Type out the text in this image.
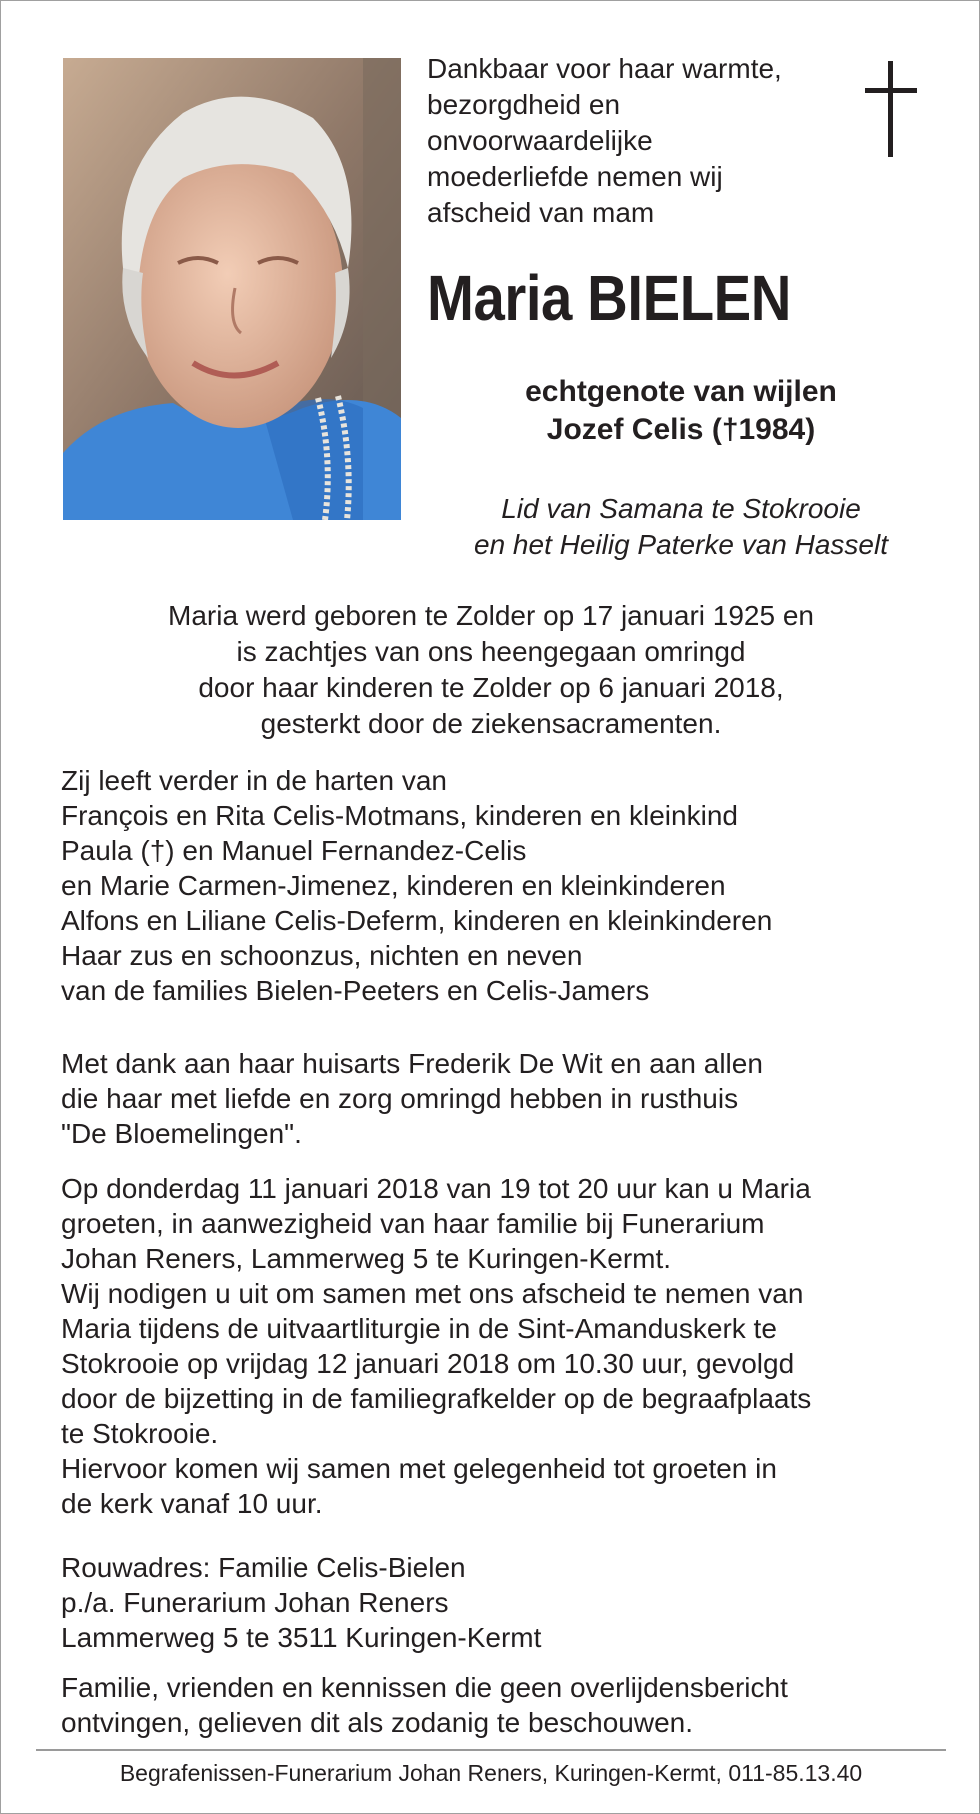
Dankbaar voor haar warmte,
bezorgdheid en
onvoorwaardelijke
moederliefde nemen wij
afscheid van mam
Maria BIELEN
echtgenote van wijlen
Jozef Celis (†1984)
Lid van Samana te Stokrooie
en het Heilig Paterke van Hasselt
Maria werd geboren te Zolder op 17 januari 1925 en
is zachtjes van ons heengegaan omringd
door haar kinderen te Zolder op 6 januari 2018,
gesterkt door de ziekensacramenten.
Zij leeft verder in de harten van
François en Rita Celis-Motmans, kinderen en kleinkind
Paula (†) en Manuel Fernandez-Celis
en Marie Carmen-Jimenez, kinderen en kleinkinderen
Alfons en Liliane Celis-Deferm, kinderen en kleinkinderen
Haar zus en schoonzus, nichten en neven
van de families Bielen-Peeters en Celis-Jamers
Met dank aan haar huisarts Frederik De Wit en aan allen
die haar met liefde en zorg omringd hebben in rusthuis
"De Bloemelingen".
Op donderdag 11 januari 2018 van 19 tot 20 uur kan u Maria
groeten, in aanwezigheid van haar familie bij Funerarium
Johan Reners, Lammerweg 5 te Kuringen-Kermt.
Wij nodigen u uit om samen met ons afscheid te nemen van
Maria tijdens de uitvaartliturgie in de Sint-Amanduskerk te
Stokrooie op vrijdag 12 januari 2018 om 10.30 uur, gevolgd
door de bijzetting in de familiegrafkelder op de begraafplaats
te Stokrooie.
Hiervoor komen wij samen met gelegenheid tot groeten in
de kerk vanaf 10 uur.
Rouwadres: Familie Celis-Bielen
p./a. Funerarium Johan Reners
Lammerweg 5 te 3511 Kuringen-Kermt
Familie, vrienden en kennissen die geen overlijdensbericht
ontvingen, gelieven dit als zodanig te beschouwen.
Begrafenissen-Funerarium Johan Reners, Kuringen-Kermt, 011-85.13.40
